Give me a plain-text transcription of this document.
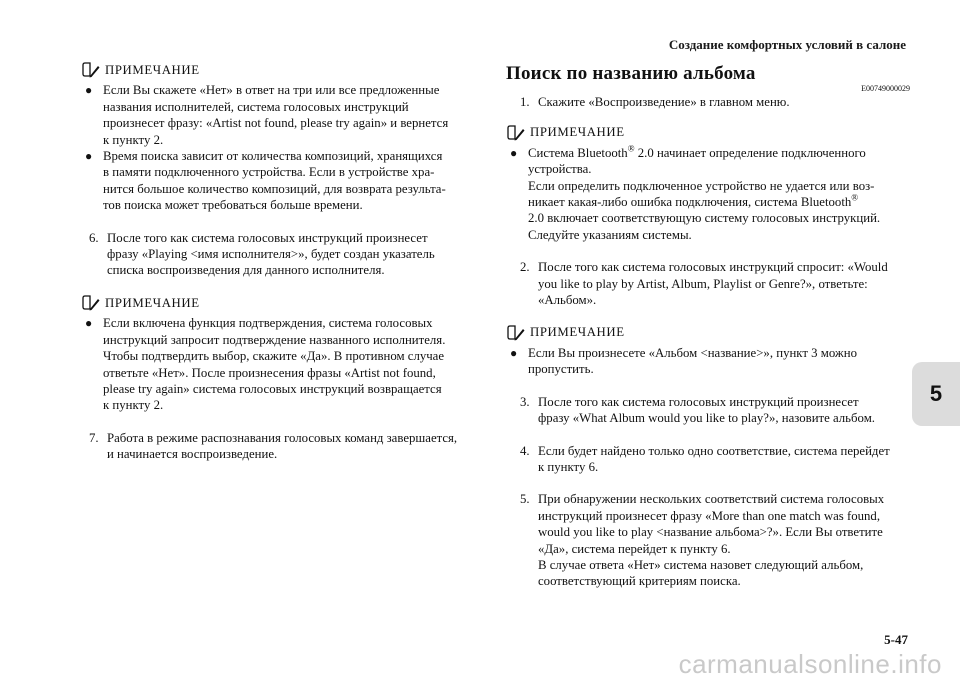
Создание комфортных условий в салоне
5
ПРИМЕЧАНИЕ
● Если Вы скажете «Нет» в ответ на три или все предложенные
названия исполнителей, система голосовых инструкций
произнесет фразу: «Artist not found, please try again» и вернется
к пункту 2.
● Время поиска зависит от количества композиций, хранящихся
в памяти подключенного устройства. Если в устройстве хра-
нится большое количество композиций, для возврата результа-
тов поиска может требоваться больше времени.
6. После того как система голосовых инструкций произнесет
фразу «Playing <имя исполнителя>», будет создан указатель
списка воспроизведения для данного исполнителя.
ПРИМЕЧАНИЕ
● Если включена функция подтверждения, система голосовых
инструкций запросит подтверждение названного исполнителя.
Чтобы подтвердить выбор, скажите «Да». В противном случае
ответьте «Нет». После произнесения фразы «Artist not found,
please try again» система голосовых инструкций возвращается
к пункту 2.
7. Работа в режиме распознавания голосовых команд завершается,
и начинается воспроизведение.
Поиск по названию альбома
E00749000029
1. Скажите «Воспроизведение» в главном меню.
ПРИМЕЧАНИЕ
● Система Bluetooth® 2.0 начинает определение подключенного
устройства.
Если определить подключенное устройство не удается или воз-
никает какая-либо ошибка подключения, система Bluetooth®
2.0 включает соответствующую систему голосовых инструкций.
Следуйте указаниям системы.
2. После того как система голосовых инструкций спросит: «Would
you like to play by Artist, Album, Playlist or Genre?», ответьте:
«Альбом».
ПРИМЕЧАНИЕ
● Если Вы произнесете «Альбом <название>», пункт 3 можно
пропустить.
3. После того как система голосовых инструкций произнесет
фразу «What Album would you like to play?», назовите альбом.
4. Если будет найдено только одно соответствие, система перейдет
к пункту 6.
5. При обнаружении нескольких соответствий система голосовых
инструкций произнесет фразу «More than one match was found,
would you like to play <название альбома>?». Если Вы ответите
«Да», система перейдет к пункту 6.
В случае ответа «Нет» система назовет следующий альбом,
соответствующий критериям поиска.
5-47
carmanualsonline.info
